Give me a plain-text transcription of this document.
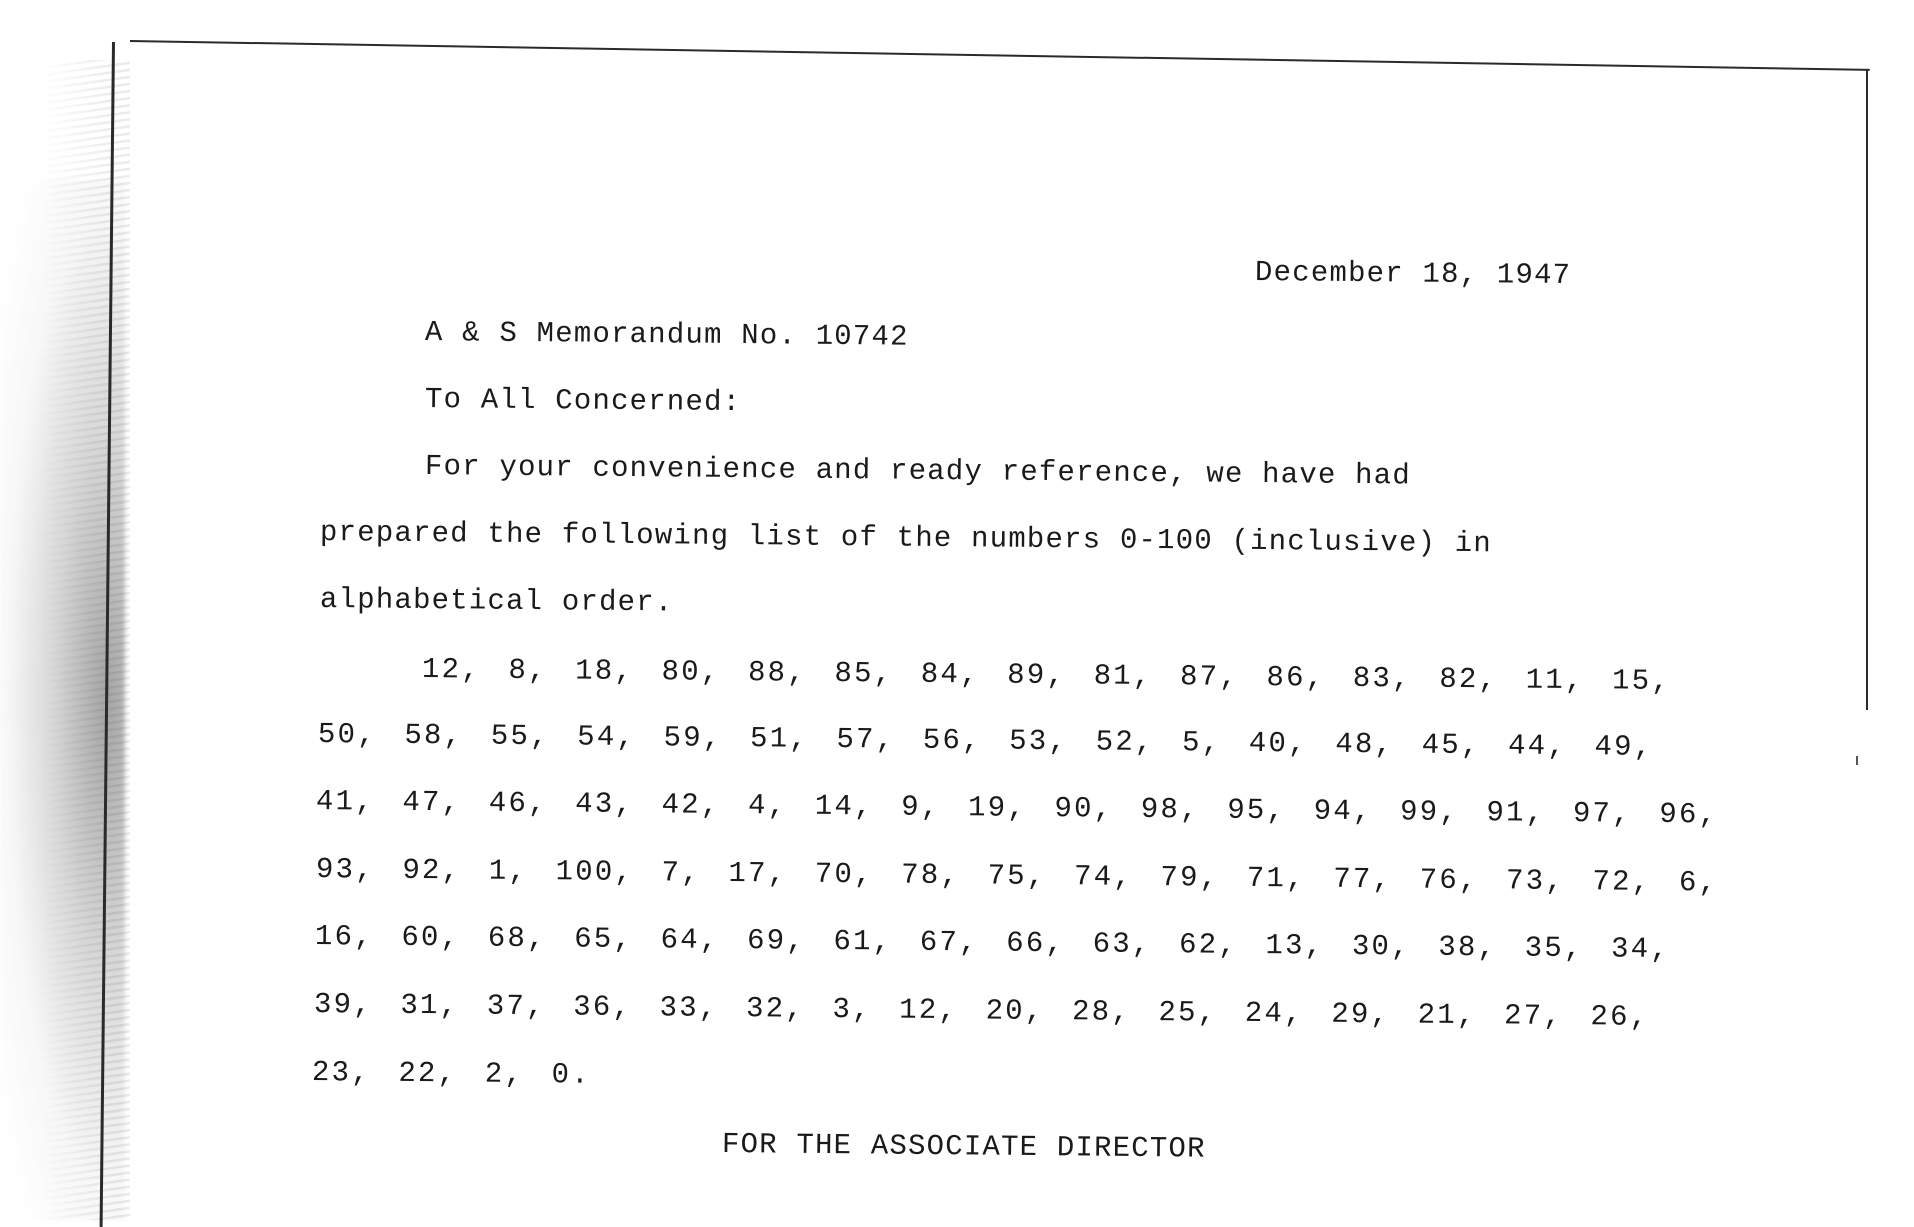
December 18, 1947
A & S Memorandum No. 10742
To All Concerned:
For your convenience and ready reference, we have had
prepared the following list of the numbers 0-100 (inclusive) in
alphabetical order.
12, 8, 18, 80, 88, 85, 84, 89, 81, 87, 86, 83, 82, 11, 15,
50, 58, 55, 54, 59, 51, 57, 56, 53, 52, 5, 40, 48, 45, 44, 49,
41, 47, 46, 43, 42, 4, 14, 9, 19, 90, 98, 95, 94, 99, 91, 97, 96,
93, 92, 1, 100, 7, 17, 70, 78, 75, 74, 79, 71, 77, 76, 73, 72, 6,
16, 60, 68, 65, 64, 69, 61, 67, 66, 63, 62, 13, 30, 38, 35, 34,
39, 31, 37, 36, 33, 32, 3, 12, 20, 28, 25, 24, 29, 21, 27, 26,
23, 22, 2, 0.
FOR THE ASSOCIATE DIRECTOR
